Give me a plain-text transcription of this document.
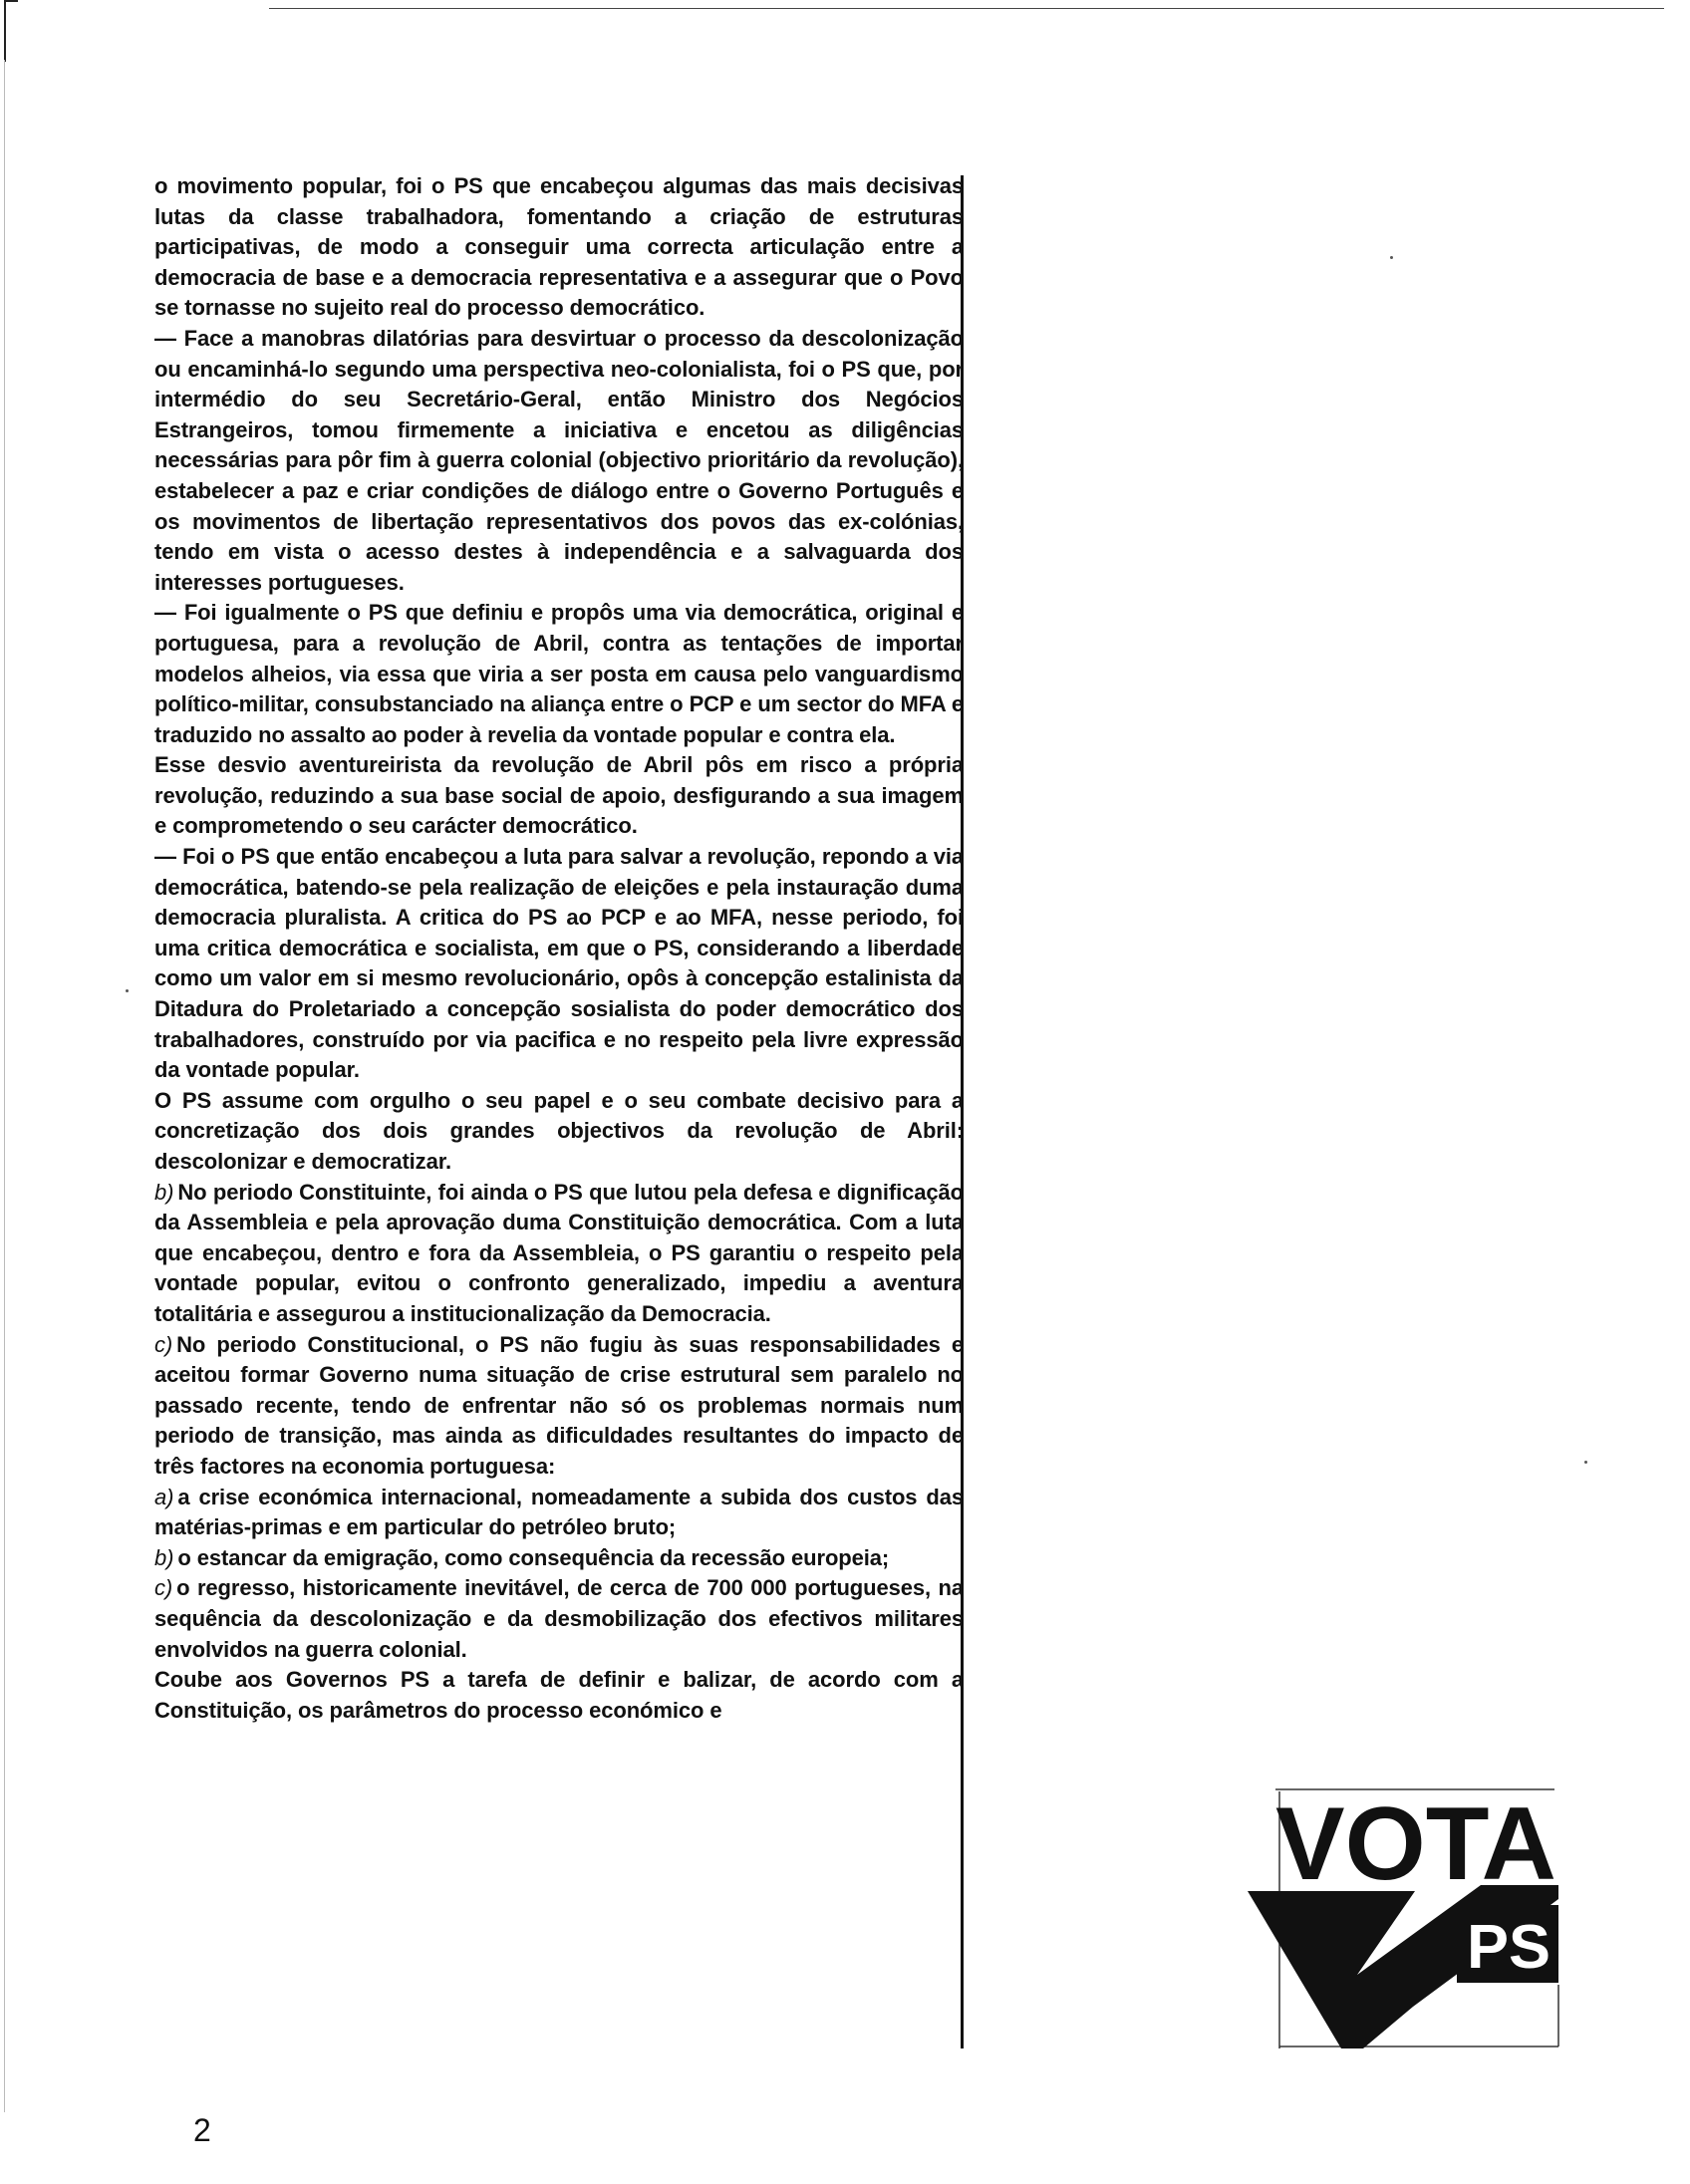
o movimento popular, foi o PS que encabeçou algumas das mais decisivas lutas da classe trabalhadora, fomentando a criação de estruturas participativas, de modo a conseguir uma correcta articulação entre a democracia de base e a democracia representativa e a assegurar que o Povo se tornasse no sujeito real do processo democrático.

— Face a manobras dilatórias para desvirtuar o processo da descolonização ou encaminhá-lo segundo uma perspectiva neo-colonialista, foi o PS que, por intermédio do seu Secretário-Geral, então Ministro dos Negócios Estrangeiros, tomou firmemente a iniciativa e encetou as diligências necessárias para pôr fim à guerra colonial (objectivo prioritário da revolução), estabelecer a paz e criar condições de diálogo entre o Governo Português e os movimentos de libertação representativos dos povos das ex-colónias, tendo em vista o acesso destes à independência e a salvaguarda dos interesses portugueses.

— Foi igualmente o PS que definiu e propôs uma via democrática, original e portuguesa, para a revolução de Abril, contra as tentações de importar modelos alheios, via essa que viria a ser posta em causa pelo vanguardismo político-militar, consubstanciado na aliança entre o PCP e um sector do MFA e traduzido no assalto ao poder à revelia da vontade popular e contra ela.

Esse desvio aventureirista da revolução de Abril pôs em risco a própria revolução, reduzindo a sua base social de apoio, desfigurando a sua imagem e comprometendo o seu carácter democrático.

— Foi o PS que então encabeçou a luta para salvar a revolução, repondo a via democrática, batendo-se pela realização de eleições e pela instauração duma democracia pluralista. A critica do PS ao PCP e ao MFA, nesse periodo, foi uma critica democrática e socialista, em que o PS, considerando a liberdade como um valor em si mesmo revolucionário, opôs à concepção estalinista da Ditadura do Proletariado a concepção sosialista do poder democrático dos trabalhadores, construído por via pacifica e no respeito pela livre expressão da vontade popular.

O PS assume com orgulho o seu papel e o seu combate decisivo para a concretização dos dois grandes objectivos da revolução de Abril: descolonizar e democratizar.

b) No periodo Constituinte, foi ainda o PS que lutou pela defesa e dignificação da Assembleia e pela aprovação duma Constituição democrática. Com a luta que encabeçou, dentro e fora da Assembleia, o PS garantiu o respeito pela vontade popular, evitou o confronto generalizado, impediu a aventura totalitária e assegurou a institucionalização da Democracia.

c) No periodo Constitucional, o PS não fugiu às suas responsabilidades e aceitou formar Governo numa situação de crise estrutural sem paralelo no passado recente, tendo de enfrentar não só os problemas normais num periodo de transição, mas ainda as dificuldades resultantes do impacto de três factores na economia portuguesa:

a) a crise económica internacional, nomeadamente a subida dos custos das matérias-primas e em particular do petróleo bruto;

b) o estancar da emigração, como consequência da recessão europeia;

c) o regresso, historicamente inevitável, de cerca de 700 000 portugueses, na sequência da descolonização e da desmobilização dos efectivos militares envolvidos na guerra colonial.

Coube aos Governos PS a tarefa de definir e balizar, de acordo com a Constituição, os parâmetros do processo económico e

2
VOTA
PS
